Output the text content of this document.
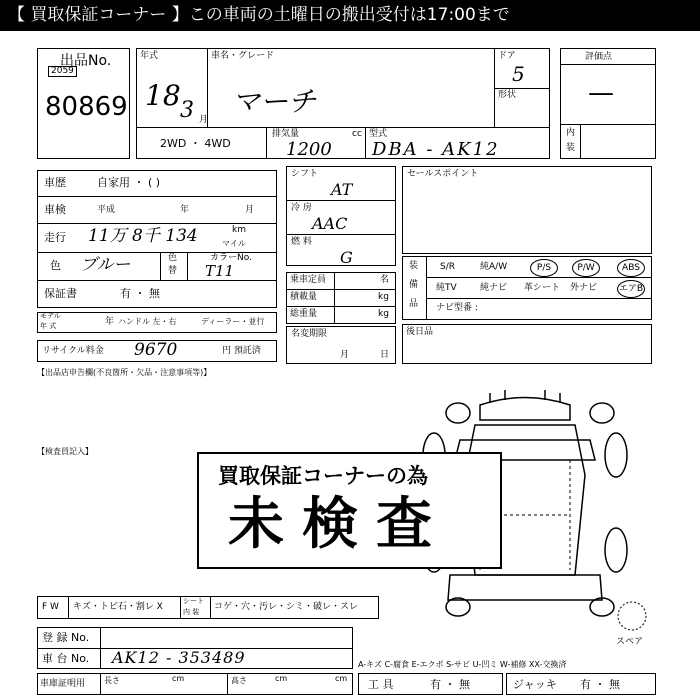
【 買取保証コーナー 】この車両の土曜日の搬出受付は17:00まで
出品No.
2059
80869
年式
18 3 月
車名・グレード
マーチ
ドア
5
形状
2WD ・ 4WD
排気量	cc
1200
型式
DBA - AK12
評価点
—
内
装
車歴	自家用 ・ ( )
車検	平成	年	月
走行 11万 8千 134	km
マイル
色 ブルー	色
替
カラーNo.
T11
保証書	有 ・ 無
モデル
年 式	年 ハンドル 左・右	ディーラー・並行
リサイクル料金 9670	円 預託済
【出品店申告欄(不良箇所・欠品・注意事項等)】
【検査員記入】
シフト
AT
冷 房
AAC
燃 料
G
乗車定員	名
積載量	kg
総重量	kg
名変期限
月	日
セールスポイント
装
備
品
S/R	純A/W	P/S	P/W	ABS
純TV	純ナビ 革シート 外ナビ エアB
ナビ型番 :
後日品
買取保証コーナーの為
未検査
スペア
F W キズ・トビ石・割レ X
シート
内 装 コゲ・穴・汚レ・シミ・破レ・スレ
登 録 No.
車 台 No. AK12 - 353489
車庫証明用 長さ	cm	高さ	cm	cm
A-キズ C-腐食 E-エクボ S-サビ U-凹ミ W-補修 XX-交換済
工 具	有 ・ 無	ジャッキ 有 ・ 無
